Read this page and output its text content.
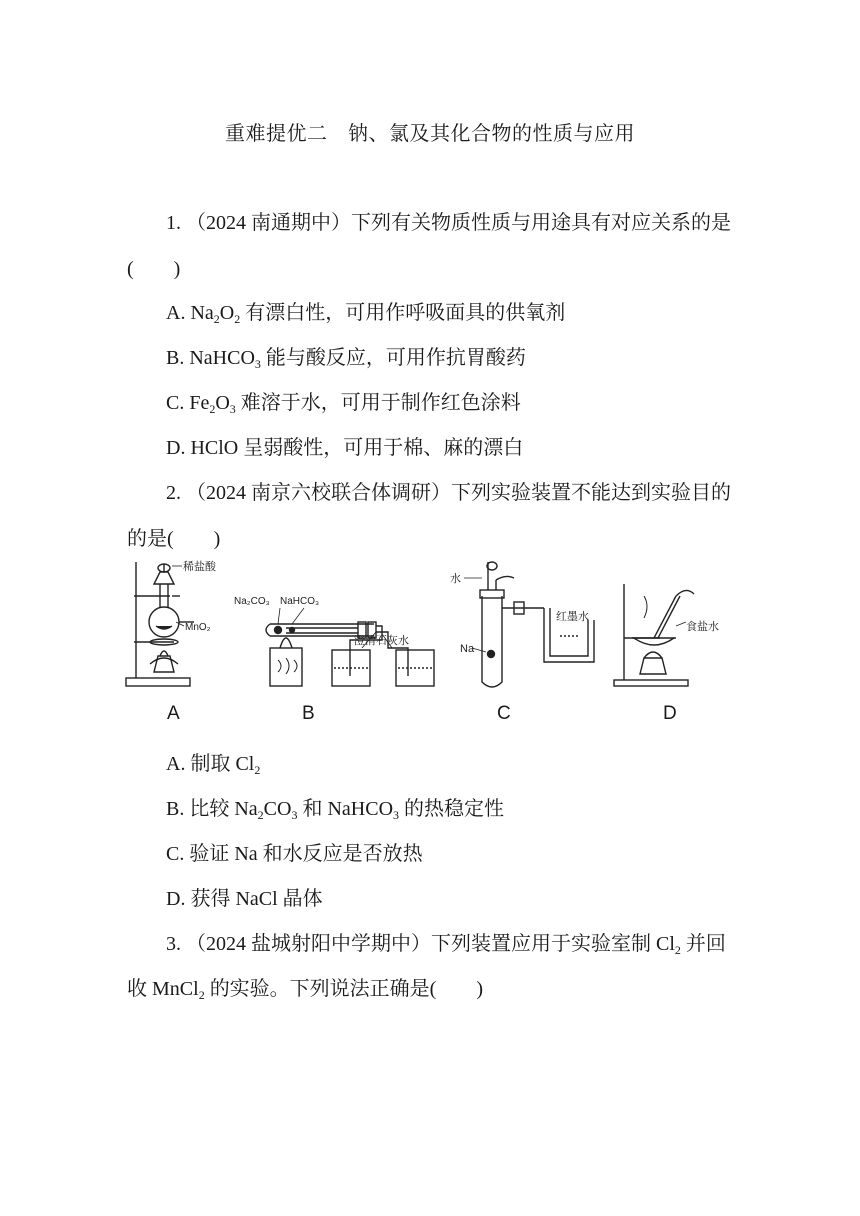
重难提优二　钠、氯及其化合物的性质与应用
1. （2024 南通期中）下列有关物质性质与用途具有对应关系的是
(　　)
A. $Na_2O_2$ 有漂白性，可用作呼吸面具的供氧剂
B. NaHCO$_3$ 能与酸反应，可用作抗胃酸药
C. $Fe_2O_3$ 难溶于水，可用于制作红色涂料
D. HClO 呈弱酸性，可用于棉、麻的漂白
2. （2024 南京六校联合体调研）下列实验装置不能达到实验目的
的是(　　)
稀盐酸
MnO₂
Na₂CO₃ NaHCO₃
澄清石灰水
水
红墨水
Na
食盐水
A	B	C	D
A. 制取 $Cl_2$
B. 比较 $Na_2CO_3$ 和 NaHCO$_3$ 的热稳定性
C. 验证 Na 和水反应是否放热
D. 获得 NaCl 晶体
3. （2024 盐城射阳中学期中）下列装置应用于实验室制 $Cl_2$ 并回
收 MnCl$_2$ 的实验。下列说法正确是(　　)
